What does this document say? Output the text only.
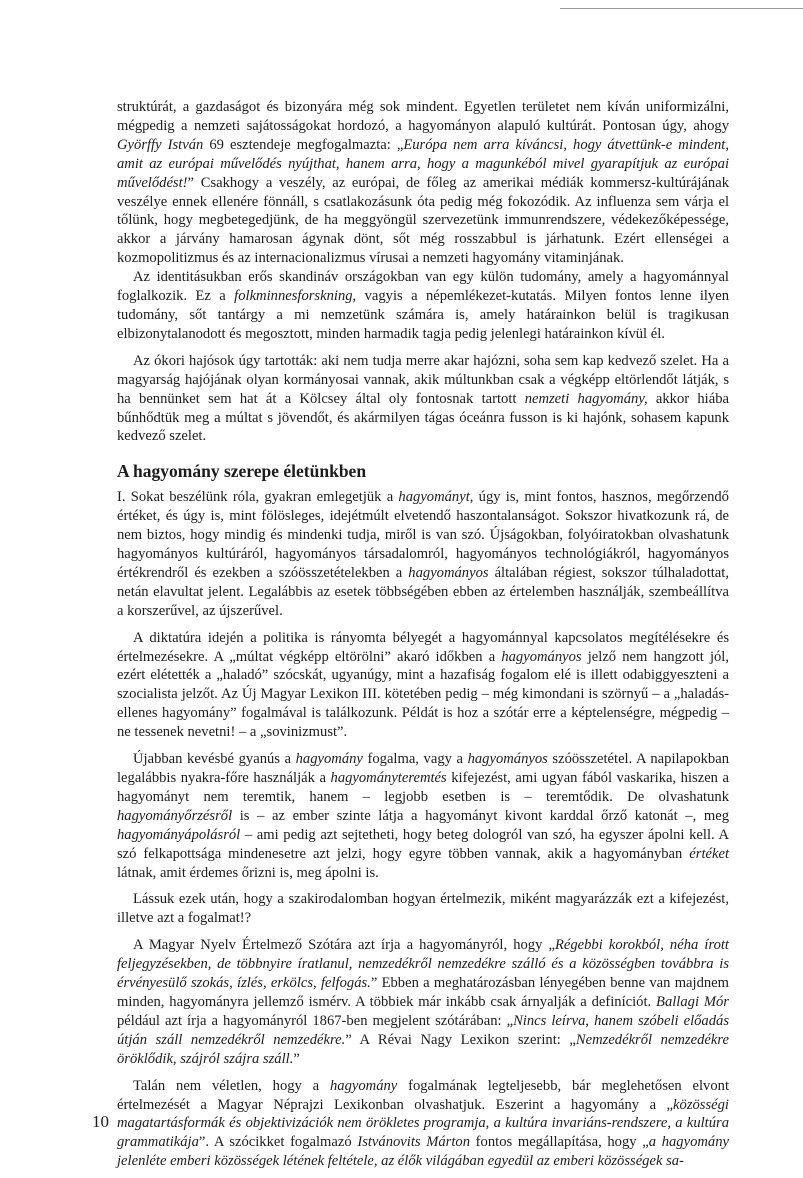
struktúrát, a gazdaságot és bizonyára még sok mindent. Egyetlen területet nem kíván uniformizálni, mégpedig a nemzeti sajátosságokat hordozó, a hagyományon alapuló kultúrát. Pontosan úgy, ahogy Györffy István 69 esztendeje megfogalmazta: „Európa nem arra kíváncsi, hogy átvettünk-e mindent, amit az európai művelődés nyújthat, hanem arra, hogy a magunkéból mivel gyarapítjuk az európai művelődést!” Csakhogy a veszély, az európai, de főleg az amerikai médiák kommersz-kultúrájának veszélye ennek ellenére fönnáll, s csatlakozásunk óta pedig még fokozódik. Az influenza sem várja el tőlünk, hogy megbetegedjünk, de ha meggyöngül szervezetünk immunrendszere, védekezőképessége, akkor a járvány hamarosan ágynak dönt, sőt még rosszabbul is járhatunk. Ezért ellenségei a kozmopolitizmus és az internacionalizmus vírusai a nemzeti hagyomány vitaminjának.

Az identitásukban erős skandináv országokban van egy külön tudomány, amely a hagyománnyal foglalkozik. Ez a folkminnesforskning, vagyis a népemlékezet-kutatás. Milyen fontos lenne ilyen tudomány, sőt tantárgy a mi nemzetünk számára is, amely határainkon belül is tragikusan elbizonytalanodott és megosztott, minden harmadik tagja pedig jelenlegi határainkon kívül él.

Az ókori hajósok úgy tartották: aki nem tudja merre akar hajózni, soha sem kap kedvező szelet. Ha a magyarság hajójának olyan kormányosai vannak, akik múltunkban csak a végképp eltörlendőt látják, s ha bennünket sem hat át a Kölcsey által oly fontosnak tartott nemzeti hagyomány, akkor hiába bűnhődtük meg a múltat s jövendőt, és akármilyen tágas óceánra fusson is ki hajónk, sohasem kapunk kedvező szelet.

A hagyomány szerepe életünkben

I. Sokat beszélünk róla, gyakran emlegetjük a hagyományt, úgy is, mint fontos, hasznos, megőrzendő értéket, és úgy is, mint fölösleges, idejétmúlt elvetendő haszontalanságot. Sokszor hivatkozunk rá, de nem biztos, hogy mindig és mindenki tudja, miről is van szó. Újságokban, folyóiratokban olvashatunk hagyományos kultúráról, hagyományos társadalomról, hagyományos technológiákról, hagyományos értékrendről és ezekben a szóösszetételekben a hagyományos általában régiest, sokszor túlhaladottat, netán elavultat jelent. Legalábbis az esetek többségében ebben az értelemben használják, szembeállítva a korszerűvel, az újszerűvel.

A diktatúra idején a politika is rányomta bélyegét a hagyománnyal kapcsolatos megítélésekre és értelmezésekre. A „múltat végképp eltörölni” akaró időkben a hagyományos jelző nem hangzott jól, ezért elétették a „haladó” szócskát, ugyanúgy, mint a hazafiság fogalom elé is illett odabiggyeszteni a szocialista jelzőt. Az Új Magyar Lexikon III. kötetében pedig – még kimondani is szörnyű – a „haladás-ellenes hagyomány” fogalmával is találkozunk. Példát is hoz a szótár erre a képtelenségre, mégpedig – ne tessenek nevetni! – a „sovinizmust”.

Újabban kevésbé gyanús a hagyomány fogalma, vagy a hagyományos szóösszetétel. A napilapokban legalábbis nyakra-főre használják a hagyományteremtés kifejezést, ami ugyan fából vaskarika, hiszen a hagyományt nem teremtik, hanem – legjobb esetben is – teremtődik. De olvashatunk hagyományőrzésről is – az ember szinte látja a hagyományt kivont karddal őrző katonát –, meg hagyományápolásról – ami pedig azt sejtetheti, hogy beteg dologról van szó, ha egyszer ápolni kell. A szó felkapottsága mindenesetre azt jelzi, hogy egyre többen vannak, akik a hagyományban értéket látnak, amit érdemes őrizni is, meg ápolni is.

Lássuk ezek után, hogy a szakirodalomban hogyan értelmezik, miként magyarázzák ezt a kifejezést, illetve azt a fogalmat!?

A Magyar Nyelv Értelmező Szótára azt írja a hagyományról, hogy „Régebbi korokból, néha írott feljegyzésekben, de többnyire íratlanul, nemzedékről nemzedékre szálló és a közösségben továbbra is érvényesülő szokás, ízlés, erkölcs, felfogás.” Ebben a meghatározásban lényegében benne van majdnem minden, hagyományra jellemző ismérv. A többiek már inkább csak árnyalják a definíciót. Ballagi Mór például azt írja a hagyományról 1867-ben megjelent szótárában: „Nincs leírva, hanem szóbeli előadás útján száll nemzedékről nemzedékre.” A Révai Nagy Lexikon szerint: „Nemzedékről nemzedékre öröklődik, szájról szájra száll.”

Talán nem véletlen, hogy a hagyomány fogalmának legteljesebb, bár meglehetősen elvont értelmezését a Magyar Néprajzi Lexikonban olvashatjuk. Eszerint a hagyomány a „közösségi magatartásformák és objektivizációk nem örökletes programja, a kultúra invariáns-rendszere, a kultúra grammatikája”. A szócikket fogalmazó Istvánovits Márton fontos megállapítása, hogy „a hagyomány jelenléte emberi közösségek létének feltétele, az élők világában egyedül az emberi közösségek sa-

10
